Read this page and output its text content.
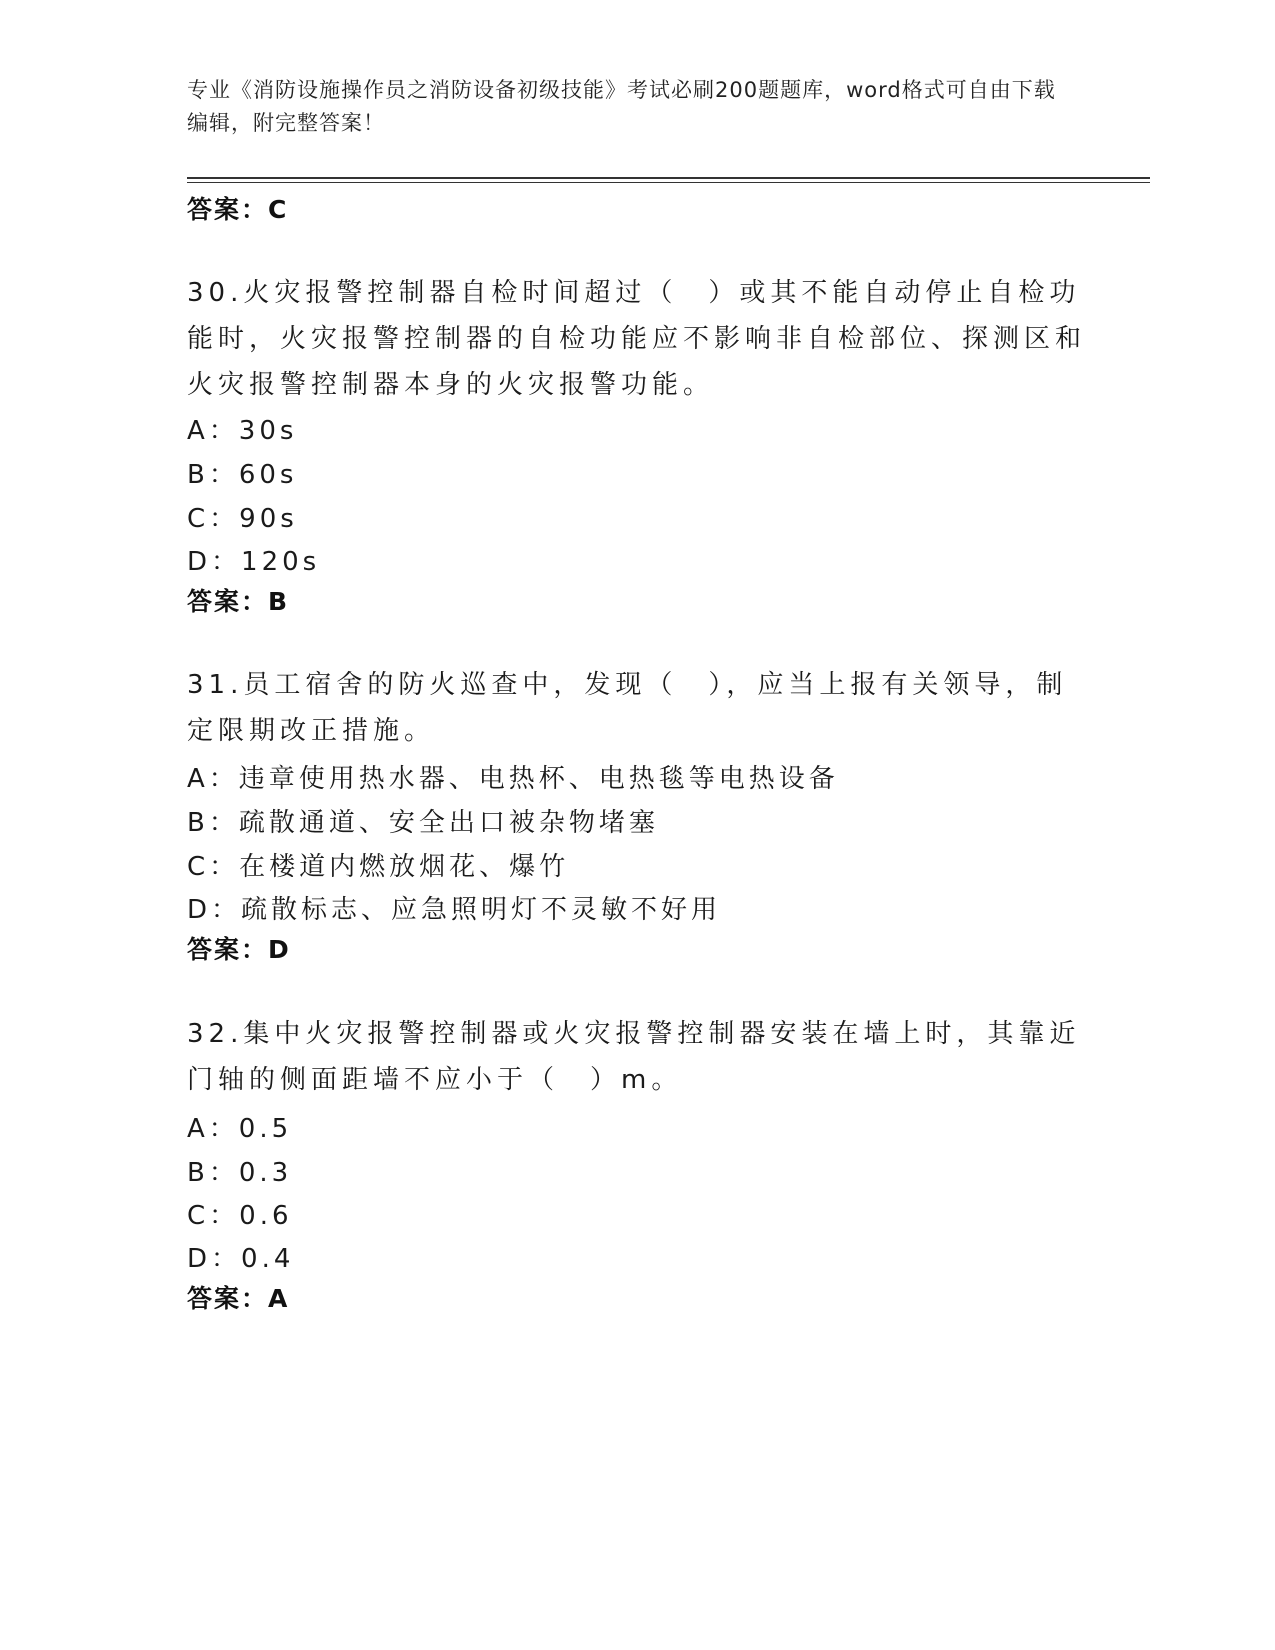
专业《消防设施操作员之消防设备初级技能》考试必刷200题题库，word格式可自由下载编辑，附完整答案！
答案：C

30.火灾报警控制器自检时间超过（　）或其不能自动停止自检功能时，火灾报警控制器的自检功能应不影响非自检部位、探测区和火灾报警控制器本身的火灾报警功能。

A：30s
B：60s
C：90s
D：120s
答案：B

31.员工宿舍的防火巡查中，发现（　），应当上报有关领导，制定限期改正措施。

A：违章使用热水器、电热杯、电热毯等电热设备
B：疏散通道、安全出口被杂物堵塞
C：在楼道内燃放烟花、爆竹
D：疏散标志、应急照明灯不灵敏不好用
答案：D

32.集中火灾报警控制器或火灾报警控制器安装在墙上时，其靠近门轴的侧面距墙不应小于（　）m。

A：0.5
B：0.3
C：0.6
D：0.4
答案：A
